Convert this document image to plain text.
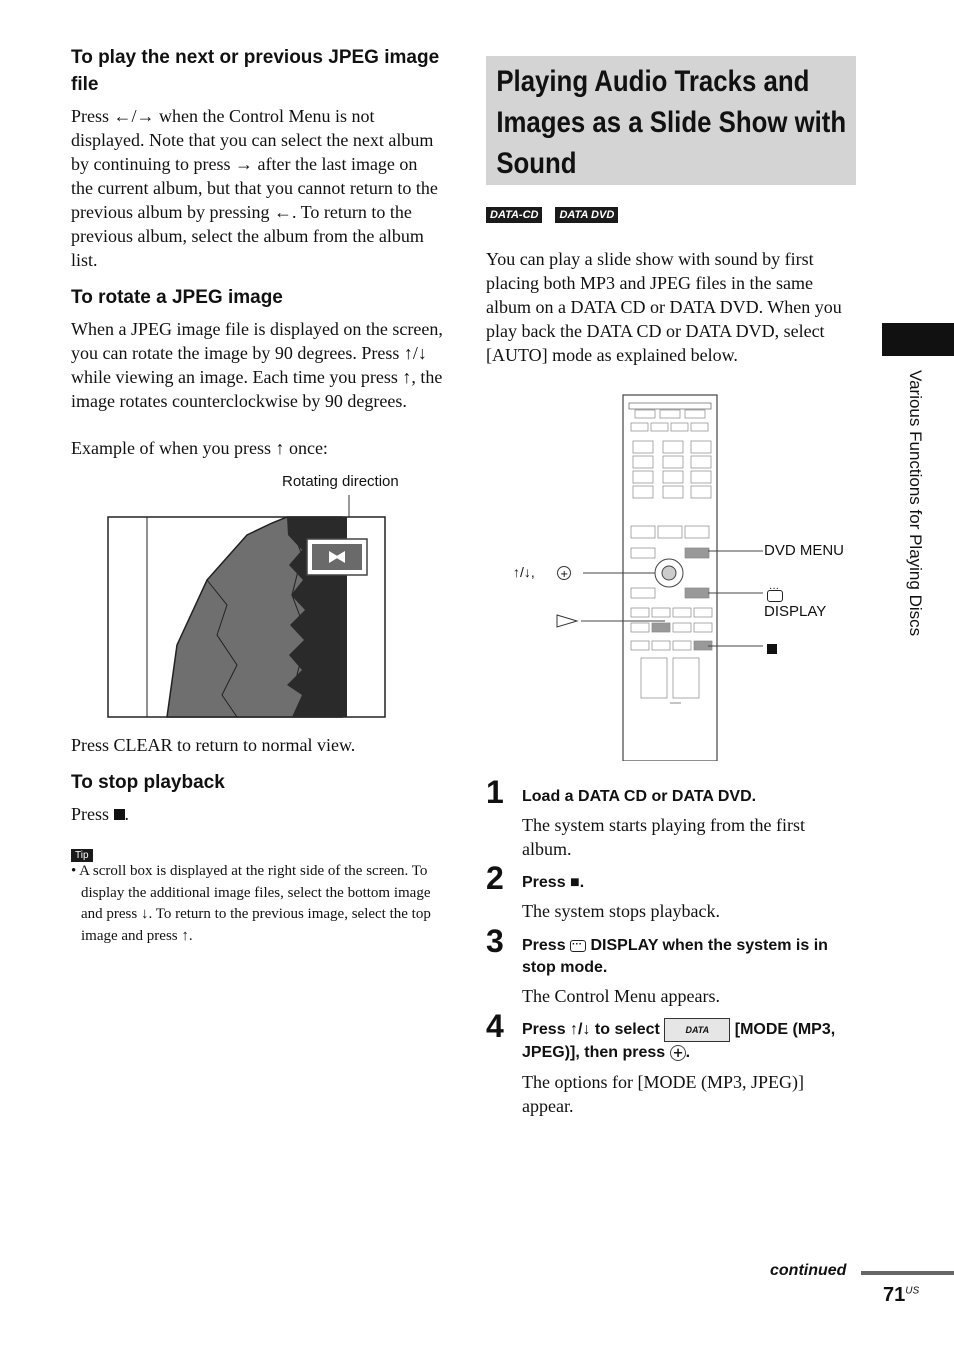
To play the next or previous JPEG image file
Press ←/→ when the Control Menu is not displayed. Note that you can select the next album by continuing to press → after the last image on the current album, but that you cannot return to the previous album by pressing ←. To return to the previous album, select the album from the album list.
To rotate a JPEG image
When a JPEG image file is displayed on the screen, you can rotate the image by 90 degrees. Press ↑/↓ while viewing an image. Each time you press ↑, the image rotates counterclockwise by 90 degrees.
Example of when you press ↑ once:
Rotating direction
Press CLEAR to return to normal view.
To stop playback
Press .
Tip
• A scroll box is displayed at the right side of the screen. To display the additional image files, select the bottom image and press ↓. To return to the previous image, select the top image and press ↑.
Playing Audio Tracks and Images as a Slide Show with Sound
DATA-CD DATA DVD
You can play a slide show with sound by first placing both MP3 and JPEG files in the same album on a DATA CD or DATA DVD. When you play back the DATA CD or DATA DVD, select [AUTO] mode as explained below.
+
DVD MENU
···
DISPLAY
↑/↓,
1 Load a DATA CD or DATA DVD.
The system starts playing from the first album.
2 Press ■.
The system stops playback.
3 Press ··· DISPLAY when the system is in stop mode.
The Control Menu appears.
4 Press ↑/↓ to select	DATA [MODE (MP3, JPEG)], then press + .
The options for [MODE (MP3, JPEG)] appear.
Various Functions for Playing Discs
continued
$71^{US}$
